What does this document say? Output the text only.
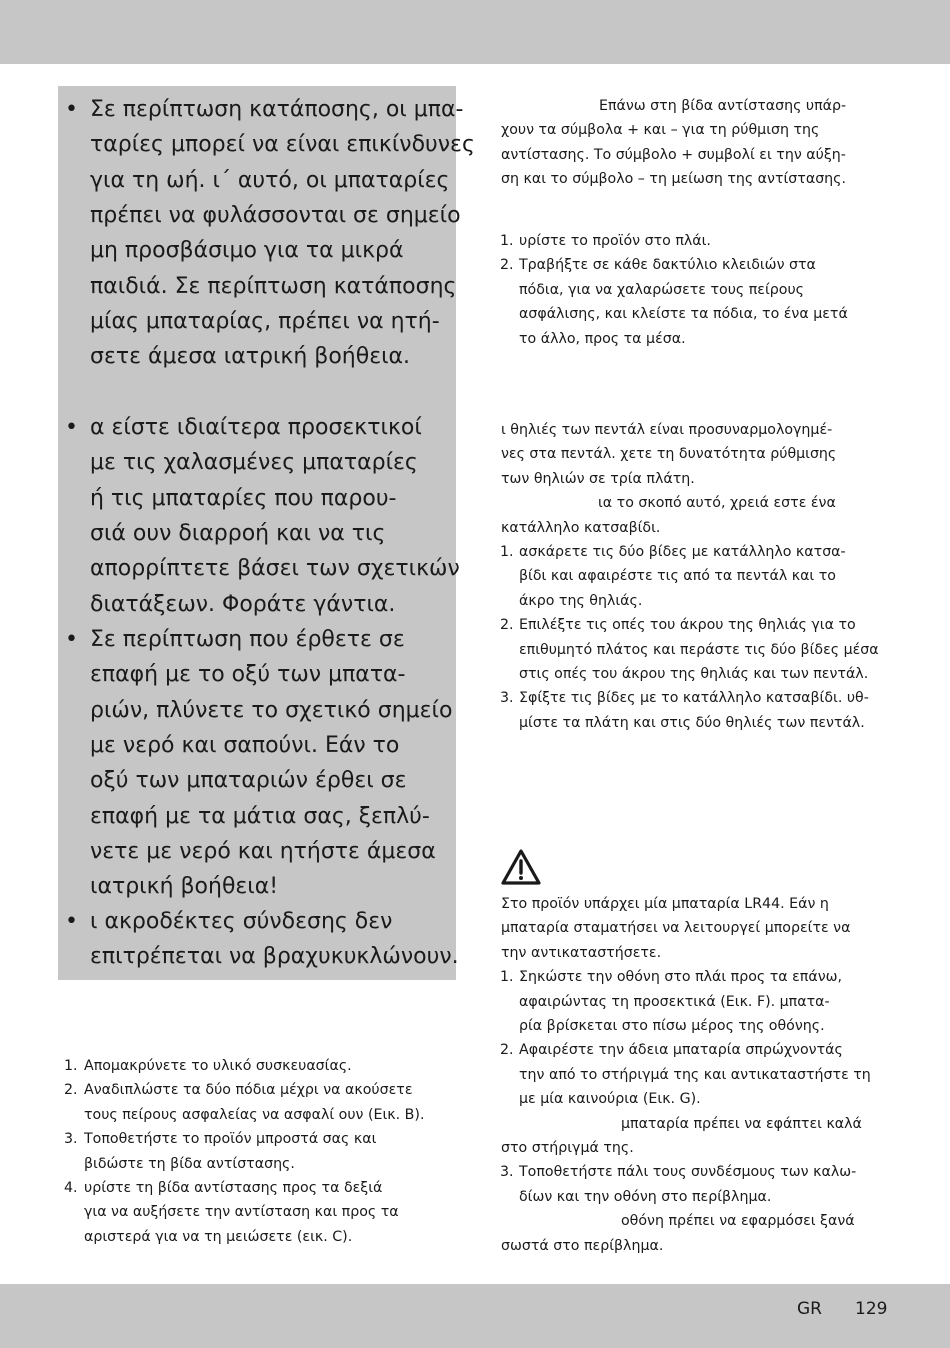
• Σε περίπτωση κατάποσης, οι μπα-
ταρίες μπορεί να είναι επικίνδυνες
για τη ωή. ι΄ αυτό, οι μπαταρίες
πρέπει να φυλάσσονται σε σημείο
μη προσβάσιμο για τα μικρά
παιδιά. Σε περίπτωση κατάποσης
μίας μπαταρίας, πρέπει να ητή-
σετε άμεσα ιατρική βοήθεια.
• α είστε ιδιαίτερα προσεκτικοί
με τις χαλασμένες μπαταρίες
ή τις μπαταρίες που παρου-
σιά ουν διαρροή και να τις
απορρίπτετε βάσει των σχετικών
διατάξεων. Φοράτε γάντια.
• Σε περίπτωση που έρθετε σε
επαφή με το οξύ των μπατα-
ριών, πλύνετε το σχετικό σημείο
με νερό και σαπούνι. Εάν το
οξύ των μπαταριών έρθει σε
επαφή με τα μάτια σας, ξεπλύ-
νετε με νερό και ητήστε άμεσα
ιατρική βοήθεια!
• ι ακροδέκτες σύνδεσης δεν
επιτρέπεται να βραχυκυκλώνουν.
1. Απομακρύνετε το υλικό συσκευασίας.
2. Αναδιπλώστε τα δύο πόδια μέχρι να ακούσετε
τους πείρους ασφαλείας να ασφαλί ουν (Εικ. B).
3. Τοποθετήστε το προϊόν μπροστά σας και
βιδώστε τη βίδα αντίστασης.
4. υρίστε τη βίδα αντίστασης προς τα δεξιά
για να αυξήσετε την αντίσταση και προς τα
αριστερά για να τη μειώσετε (εικ. C).
Επάνω στη βίδα αντίστασης υπάρ-
χουν τα σύμβολα + και – για τη ρύθμιση της
αντίστασης. Το σύμβολο + συμβολί ει την αύξη-
ση και το σύμβολο – τη μείωση της αντίστασης.
1. υρίστε το προϊόν στο πλάι.
2. Τραβήξτε σε κάθε δακτύλιο κλειδιών στα
πόδια, για να χαλαρώσετε τους πείρους
ασφάλισης, και κλείστε τα πόδια, το ένα μετά
το άλλο, προς τα μέσα.
ι θηλιές των πεντάλ είναι προσυναρμολογημέ-
νες στα πεντάλ. χετε τη δυνατότητα ρύθμισης
των θηλιών σε τρία πλάτη.
ια το σκοπό αυτό, χρειά εστε ένα
κατάλληλο κατσαβίδι.
1. ασκάρετε τις δύο βίδες με κατάλληλο κατσα-
βίδι και αφαιρέστε τις από τα πεντάλ και το
άκρο της θηλιάς.
2. Επιλέξτε τις οπές του άκρου της θηλιάς για το
επιθυμητό πλάτος και περάστε τις δύο βίδες μέσα
στις οπές του άκρου της θηλιάς και των πεντάλ.
3. Σφίξτε τις βίδες με το κατάλληλο κατσαβίδι. υθ-
μίστε τα πλάτη και στις δύο θηλιές των πεντάλ.
Στο προϊόν υπάρχει μία μπαταρία LR44. Εάν η
μπαταρία σταματήσει να λειτουργεί μπορείτε να
την αντικαταστήσετε.
1. Σηκώστε την οθόνη στο πλάι προς τα επάνω,
αφαιρώντας τη προσεκτικά (Εικ. F). μπατα-
ρία βρίσκεται στο πίσω μέρος της οθόνης.
2. Αφαιρέστε την άδεια μπαταρία σπρώχνοντάς
την από το στήριγμά της και αντικαταστήστε τη
με μία καινούρια (Εικ. G).
μπαταρία πρέπει να εφάπτει καλά
στο στήριγμά της.
3. Τοποθετήστε πάλι τους συνδέσμους των καλω-
δίων και την οθόνη στο περίβλημα.
οθόνη πρέπει να εφαρμόσει ξανά
σωστά στο περίβλημα.
GR 129
